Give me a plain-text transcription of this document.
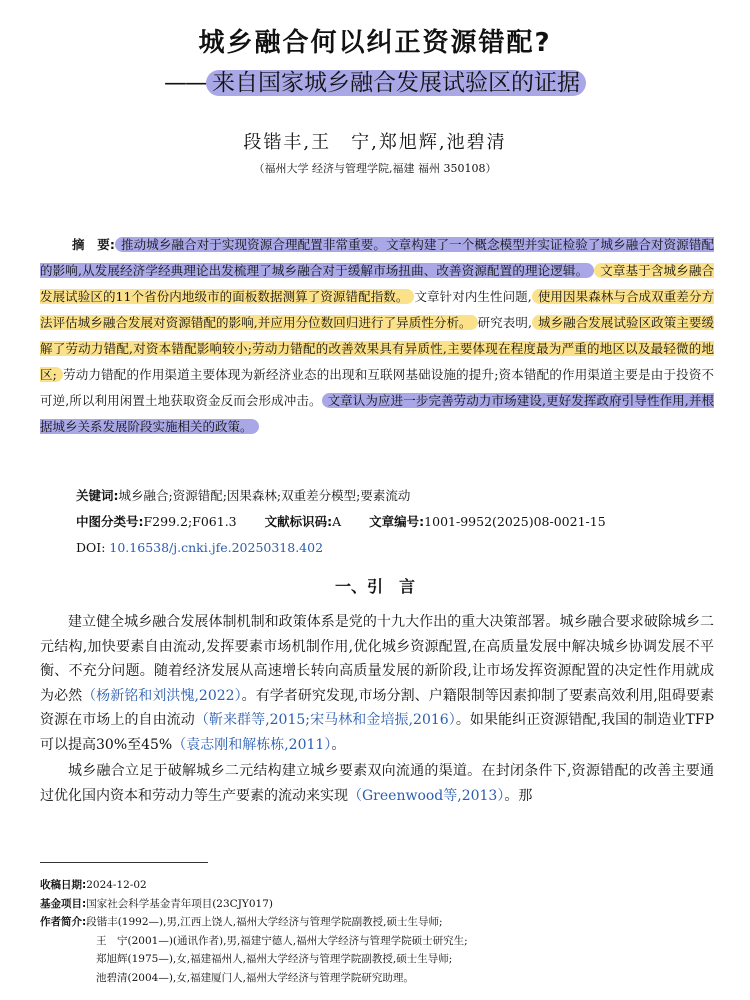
城乡融合何以纠正资源错配?
—— 来自国家城乡融合发展试验区的证据
段锴丰,王　宁,郑旭辉,池碧清
（福州大学 经济与管理学院,福建 福州 350108）
摘　要: 推动城乡融合对于实现资源合理配置非常重要。文章构建了一个概念模型并实证检验了城乡融合对资源错配的影响,从发展经济学经典理论出发梳理了城乡融合对于缓解市场扭曲、改善资源配置的理论逻辑。 文章基于含城乡融合发展试验区的11个省份内地级市的面板数据测算了资源错配指数。 文章针对内生性问题, 使用因果森林与合成双重差分方法评估城乡融合发展对资源错配的影响,并应用分位数回归进行了异质性分析。 研究表明, 城乡融合发展试验区政策主要缓解了劳动力错配,对资本错配影响较小;劳动力错配的改善效果具有异质性,主要体现在程度最为严重的地区以及最轻微的地区; 劳动力错配的作用渠道主要体现为新经济业态的出现和互联网基础设施的提升;资本错配的作用渠道主要是由于投资不可逆,所以利用闲置土地获取资金反而会形成冲击。 文章认为应进一步完善劳动力市场建设,更好发挥政府引导性作用,并根据城乡关系发展阶段实施相关的政策。
关键词:城乡融合;资源错配;因果森林;双重差分模型;要素流动
中图分类号:F299.2;F061.3 文献标识码:A 文章编号:1001-9952(2025)08-0021-15
DOI: 10.16538/j.cnki.jfe.20250318.402
一、引　言

建立健全城乡融合发展体制机制和政策体系是党的十九大作出的重大决策部署。城乡融合要求破除城乡二元结构,加快要素自由流动,发挥要素市场机制作用,优化城乡资源配置,在高质量发展中解决城乡协调发展不平衡、不充分问题。随着经济发展从高速增长转向高质量发展的新阶段,让市场发挥资源配置的决定性作用就成为必然（杨新铭和刘洪愧,2022）。有学者研究发现,市场分割、户籍限制等因素抑制了要素高效利用,阻碍要素资源在市场上的自由流动（靳来群等,2015;宋马林和金培振,2016）。如果能纠正资源错配,我国的制造业TFP可以提高30%至45%（袁志刚和解栋栋,2011）。

城乡融合立足于破解城乡二元结构建立城乡要素双向流通的渠道。在封闭条件下,资源错配的改善主要通过优化国内资本和劳动力等生产要素的流动来实现（Greenwood等,2013）。那

收稿日期:2024-12-02
基金项目:国家社会科学基金青年项目(23CJY017)
作者简介:段锴丰(1992—),男,江西上饶人,福州大学经济与管理学院副教授,硕士生导师;
王　宁(2001—)(通讯作者),男,福建宁德人,福州大学经济与管理学院硕士研究生;
郑旭辉(1975—),女,福建福州人,福州大学经济与管理学院副教授,硕士生导师;
池碧清(2004—),女,福建厦门人,福州大学经济与管理学院研究助理。
